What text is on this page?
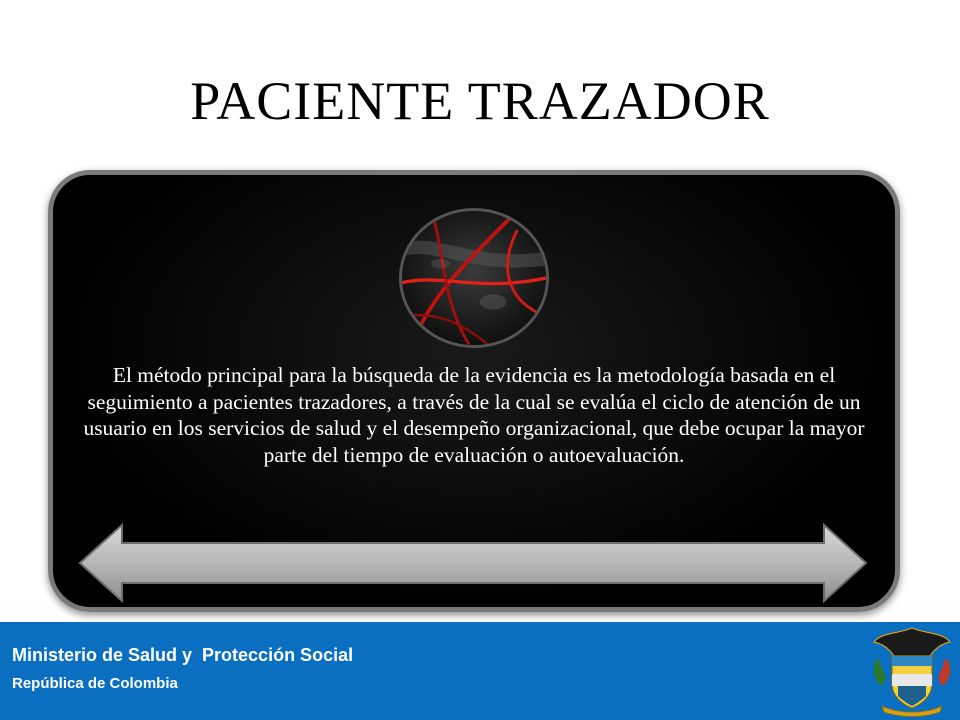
PACIENTE TRAZADOR
El método principal para la búsqueda de la evidencia es la metodología basada en el seguimiento a pacientes trazadores, a través de la cual se evalúa el ciclo de atención de un usuario en los servicios de salud y el desempeño organizacional, que debe ocupar la mayor parte del tiempo de evaluación o autoevaluación.
Ministerio de Salud y  Protección Social
República de Colombia
